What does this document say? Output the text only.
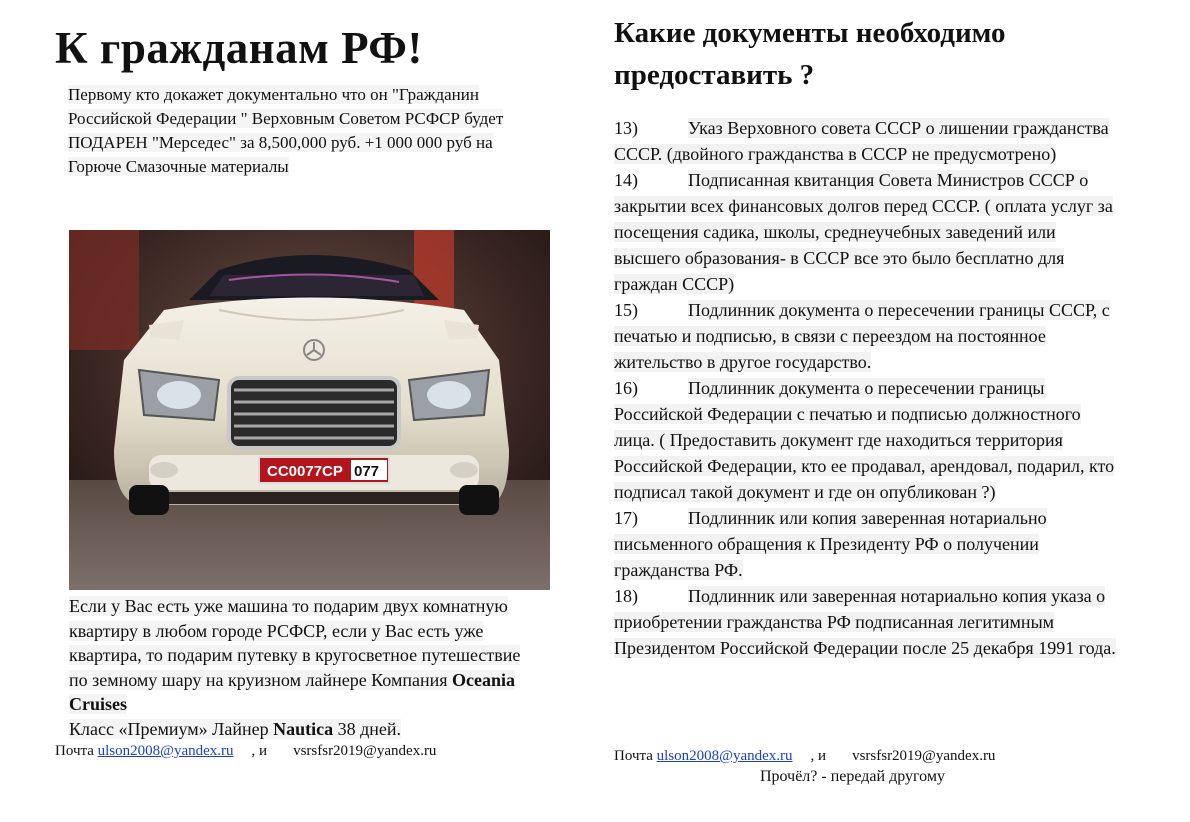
К гражданам РФ!

Первому кто докажет документально что он "Гражданин Российской Федерации " Верховным Советом РСФСР будет ПОДАРЕН "Мерседес" за 8,500,000 руб. +1 000 000 руб на Горюче Смазочные материалы

CC0077CP 077
Если у Вас есть уже машина то подарим двух комнатную квартиру в любом городе РСФСР, если у Вас есть уже квартира, то подарим путевку в кругосветное путешествие по земному шару на круизном лайнере Компания Oceania Cruises
Класс «Премиум» Лайнер Nautica 38 дней.
Почта ulson2008@yandex.ru , и vsrsfsr2019@yandex.ru
Какие документы необходимо предоставить ?

13)	Указ Верховного совета СССР о лишении гражданства СССР. (двойного гражданства в СССР не предусмотрено)

14)	Подписанная квитанция Совета Министров СССР о закрытии всех финансовых долгов перед СССР. ( оплата услуг за посещения садика, школы, среднеучебных заведений или высшего образования- в СССР все это было бесплатно для граждан СССР)

15)	Подлинник документа о пересечении границы СССР, с печатью и подписью, в связи с переездом на постоянное жительство в другое государство.

16)	Подлинник документа о пересечении границы Российской Федерации с печатью и подписью должностного лица. ( Предоставить документ где находиться территория Российской Федерации, кто ее продавал, арендовал, подарил, кто подписал такой документ и где он опубликован ?)

17)	Подлинник или копия заверенная нотариально письменного обращения к Президенту РФ о получении гражданства РФ.

18)	Подлинник или заверенная нотариально копия указа о приобретении гражданства РФ подписанная легитимным Президентом Российской Федерации после 25 декабря 1991 года.

Почта ulson2008@yandex.ru , и vsrsfsr2019@yandex.ru
Прочёл? - передай другому
